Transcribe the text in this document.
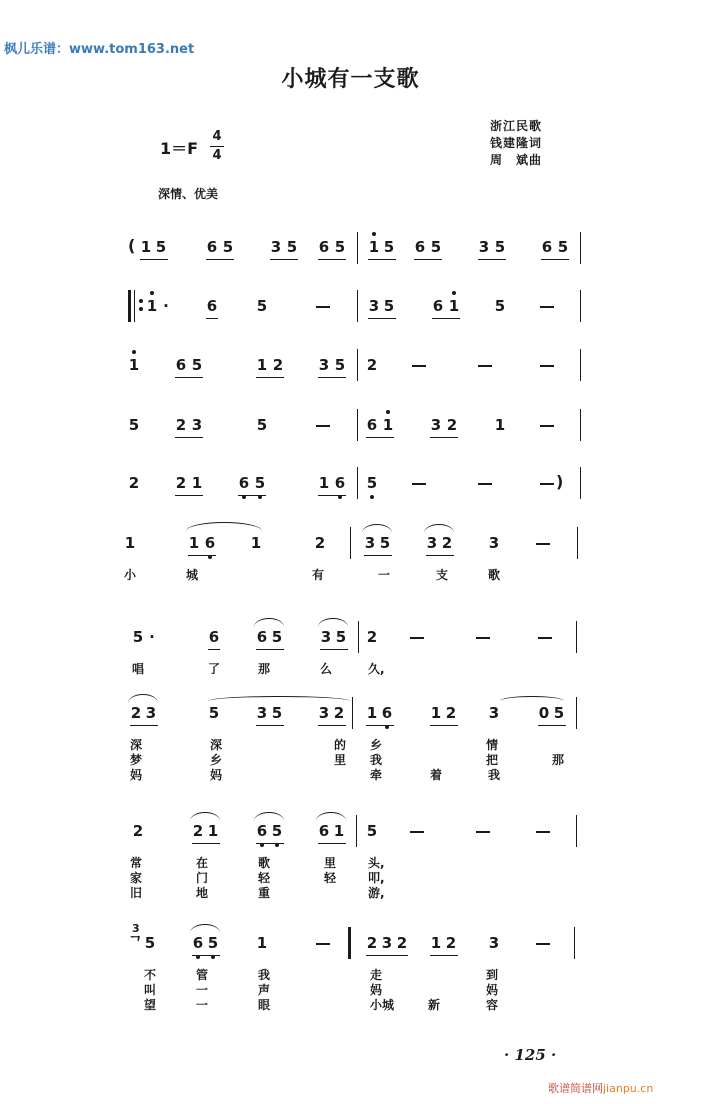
枫儿乐谱：www.tom163.net
小城有一支歌
$1=F \frac{4}{4}$
浙江民歌
钱建隆词
周　斌曲
深情、优美
( 1 5	6 5	3 5 6 5 1 5 6 5	3 5 6 5
1 ·	6	5	3 5	6 1 5
1 6 5	1 2 3 5 2
5 2 3	5	6 1	3 2	1
2 2 1 6 5	1 6 5	)
1	1 6 1	2	3 5 3 2 3
小	城	有	一	支	歌
5 ·	6	6 5	3 5 2
唱	了	那	么	久,
2 3	5	3 5 3 2 1 6	1 2 3	0 5
深	深	的 乡	情
梦	乡	里 我	把	那
妈	妈	牵	着	我
2	2 1	6 5 6 1 5
常	在	歌	里	头,
家	门	轻	轻	叩,
旧	地	重	游,
3
ᄀ 5	6 5	1	2 3 2 1 2 3
不	管	我	走	到
叫	一	声	妈	妈
望	一	眼	小城	新	容
· 125 ·
歌谱简谱网jianpu.cn
